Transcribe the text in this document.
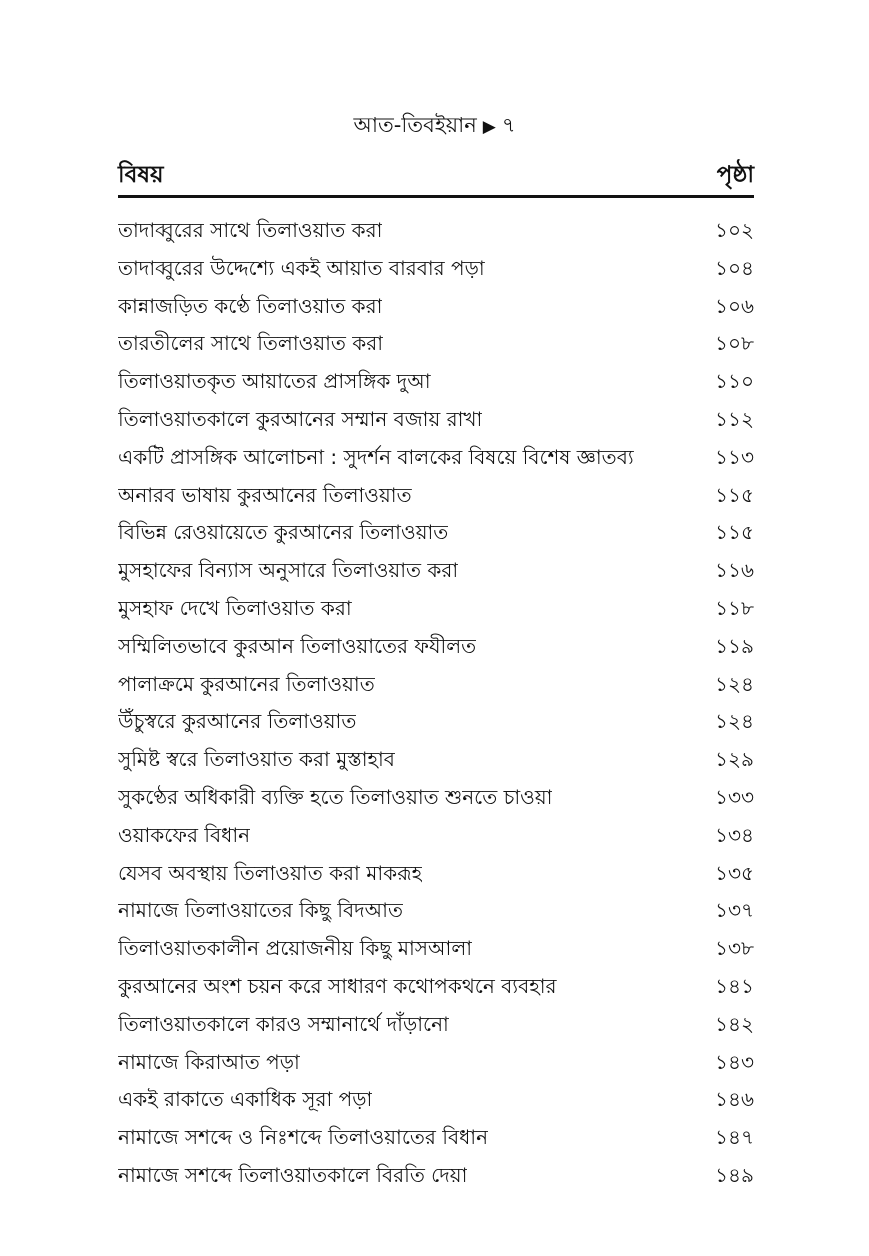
আত-তিবইয়ান ▶ ৭
বিষয়	পৃষ্ঠা
তাদাব্বুরের সাথে তিলাওয়াত করা	১০২
তাদাব্বুরের উদ্দেশ্যে একই আয়াত বারবার পড়া	১০৪
কান্নাজড়িত কণ্ঠে তিলাওয়াত করা	১০৬
তারতীলের সাথে তিলাওয়াত করা	১০৮
তিলাওয়াতকৃত আয়াতের প্রাসঙ্গিক দুআ	১১০
তিলাওয়াতকালে কুরআনের সম্মান বজায় রাখা	১১২
একটি প্রাসঙ্গিক আলোচনা : সুদর্শন বালকের বিষয়ে বিশেষ জ্ঞাতব্য	১১৩
অনারব ভাষায় কুরআনের তিলাওয়াত	১১৫
বিভিন্ন রেওয়ায়েতে কুরআনের তিলাওয়াত	১১৫
মুসহাফের বিন্যাস অনুসারে তিলাওয়াত করা	১১৬
মুসহাফ দেখে তিলাওয়াত করা	১১৮
সম্মিলিতভাবে কুরআন তিলাওয়াতের ফযীলত	১১৯
পালাক্রমে কুরআনের তিলাওয়াত	১২৪
উঁচুস্বরে কুরআনের তিলাওয়াত	১২৪
সুমিষ্ট স্বরে তিলাওয়াত করা মুস্তাহাব	১২৯
সুকণ্ঠের অধিকারী ব্যক্তি হতে তিলাওয়াত শুনতে চাওয়া	১৩৩
ওয়াকফের বিধান	১৩৪
যেসব অবস্থায় তিলাওয়াত করা মাকরূহ	১৩৫
নামাজে তিলাওয়াতের কিছু বিদআত	১৩৭
তিলাওয়াতকালীন প্রয়োজনীয় কিছু মাসআলা	১৩৮
কুরআনের অংশ চয়ন করে সাধারণ কথোপকথনে ব্যবহার	১৪১
তিলাওয়াতকালে কারও সম্মানার্থে দাঁড়ানো	১৪২
নামাজে কিরাআত পড়া	১৪৩
একই রাকাতে একাধিক সূরা পড়া	১৪৬
নামাজে সশব্দে ও নিঃশব্দে তিলাওয়াতের বিধান	১৪৭
নামাজে সশব্দে তিলাওয়াতকালে বিরতি দেয়া	১৪৯
